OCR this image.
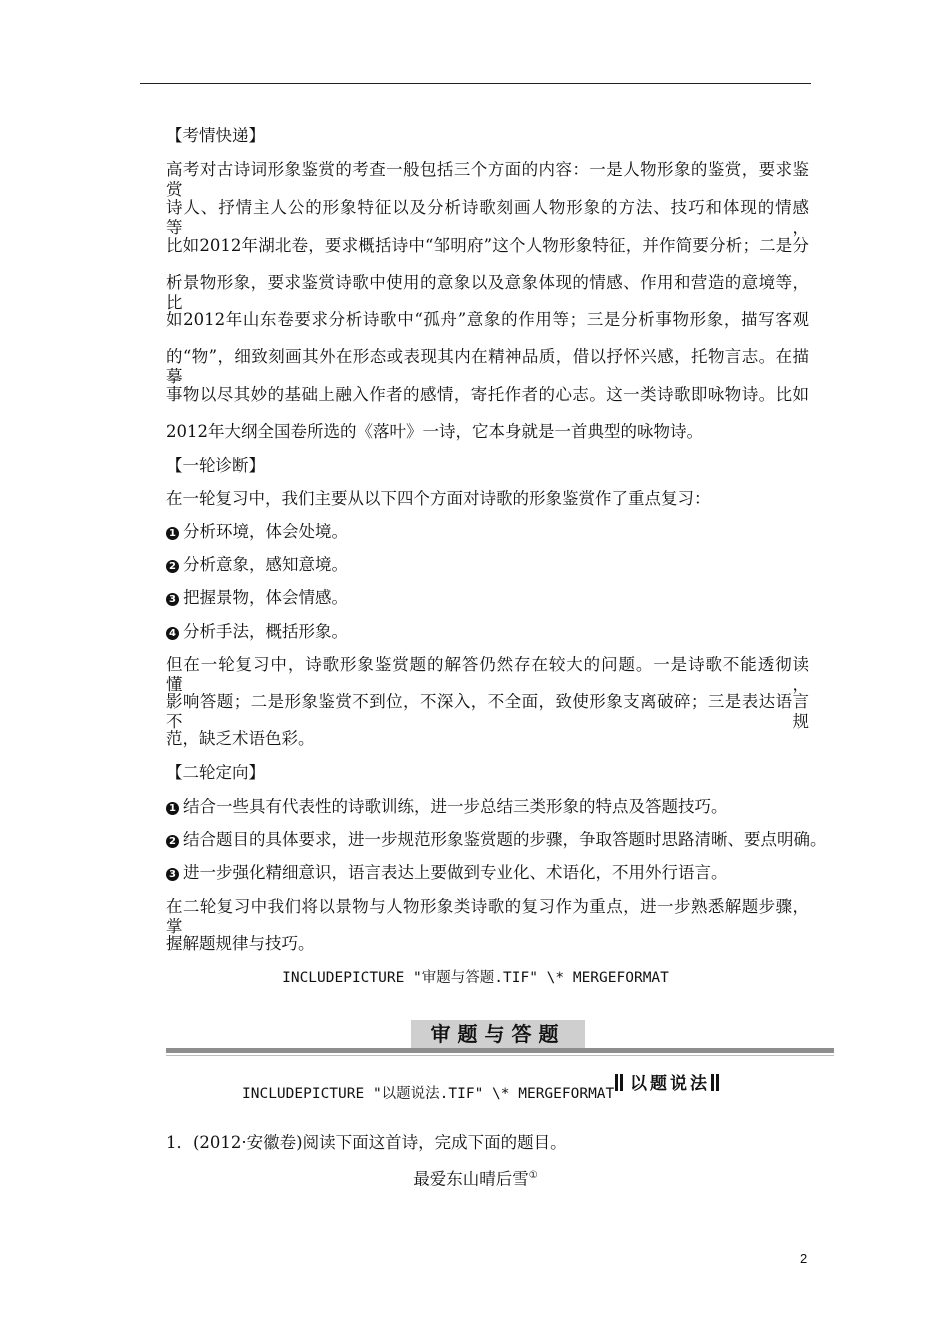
【考情快递】
高考对古诗词形象鉴赏的考查一般包括三个方面的内容：一是人物形象的鉴赏，要求鉴赏
诗人、抒情主人公的形象特征以及分析诗歌刻画人物形象的方法、技巧和体现的情感等，
比如2012年湖北卷，要求概括诗中“邹明府”这个人物形象特征，并作简要分析；二是分
析景物形象，要求鉴赏诗歌中使用的意象以及意象体现的情感、作用和营造的意境等，比
如2012年山东卷要求分析诗歌中“孤舟”意象的作用等；三是分析事物形象，描写客观
的“物”，细致刻画其外在形态或表现其内在精神品质，借以抒怀兴感，托物言志。在描摹
事物以尽其妙的基础上融入作者的感情，寄托作者的心志。这一类诗歌即咏物诗。比如
2012年大纲全国卷所选的《落叶》一诗，它本身就是一首典型的咏物诗。
【一轮诊断】
在一轮复习中，我们主要从以下四个方面对诗歌的形象鉴赏作了重点复习：
1 分析环境，体会处境。
2 分析意象，感知意境。
3 把握景物，体会情感。
4 分析手法，概括形象。
但在一轮复习中，诗歌形象鉴赏题的解答仍然存在较大的问题。一是诗歌不能透彻读懂，
影响答题；二是形象鉴赏不到位，不深入，不全面，致使形象支离破碎；三是表达语言不规
范，缺乏术语色彩。
【二轮定向】
1 结合一些具有代表性的诗歌训练，进一步总结三类形象的特点及答题技巧。
2 结合题目的具体要求，进一步规范形象鉴赏题的步骤，争取答题时思路清晰、要点明确。
3 进一步强化精细意识，语言表达上要做到专业化、术语化，不用外行语言。
在二轮复习中我们将以景物与人物形象类诗歌的复习作为重点，进一步熟悉解题步骤，掌
握解题规律与技巧。
INCLUDEPICTURE "审题与答题.TIF" \* MERGEFORMAT
审题与答题
INCLUDEPICTURE "以题说法.TIF" \* MERGEFORMAT 以题说法
1．(2012·安徽卷)阅读下面这首诗，完成下面的题目。
最爱东山晴后雪①
2
